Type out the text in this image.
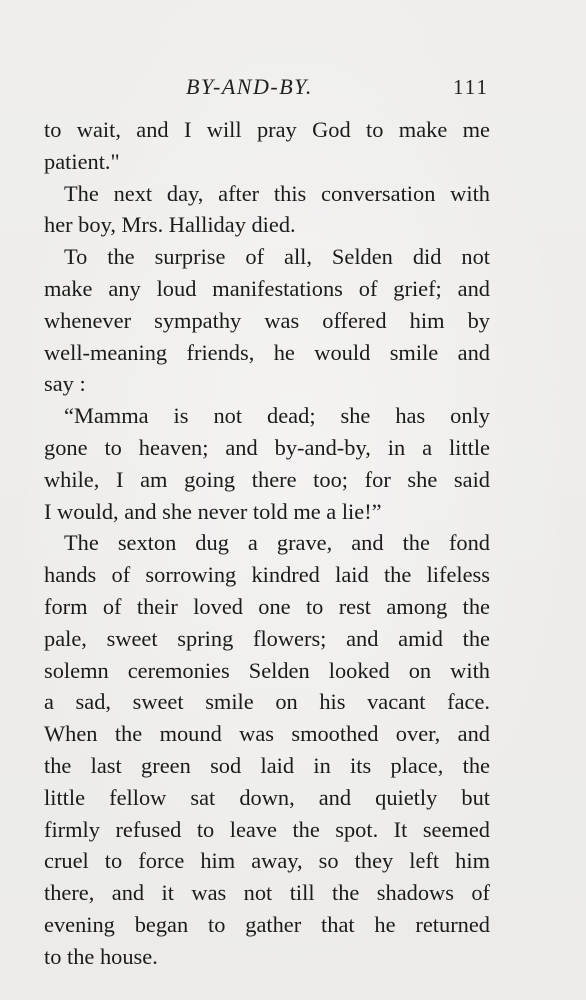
BY-AND-BY.	111
to wait, and I will pray God to make me
patient."
The next day, after this conversation with
her boy, Mrs. Halliday died.
To the surprise of all, Selden did not
make any loud manifestations of grief; and
whenever sympathy was offered him by
well-meaning friends, he would smile and
say :
“Mamma is not dead; she has only
gone to heaven; and by-and-by, in a little
while, I am going there too; for she said
I would, and she never told me a lie!”
The sexton dug a grave, and the fond
hands of sorrowing kindred laid the lifeless
form of their loved one to rest among the
pale, sweet spring flowers; and amid the
solemn ceremonies Selden looked on with
a sad, sweet smile on his vacant face.
When the mound was smoothed over, and
the last green sod laid in its place, the
little fellow sat down, and quietly but
firmly refused to leave the spot. It seemed
cruel to force him away, so they left him
there, and it was not till the shadows of
evening began to gather that he returned
to the house.
